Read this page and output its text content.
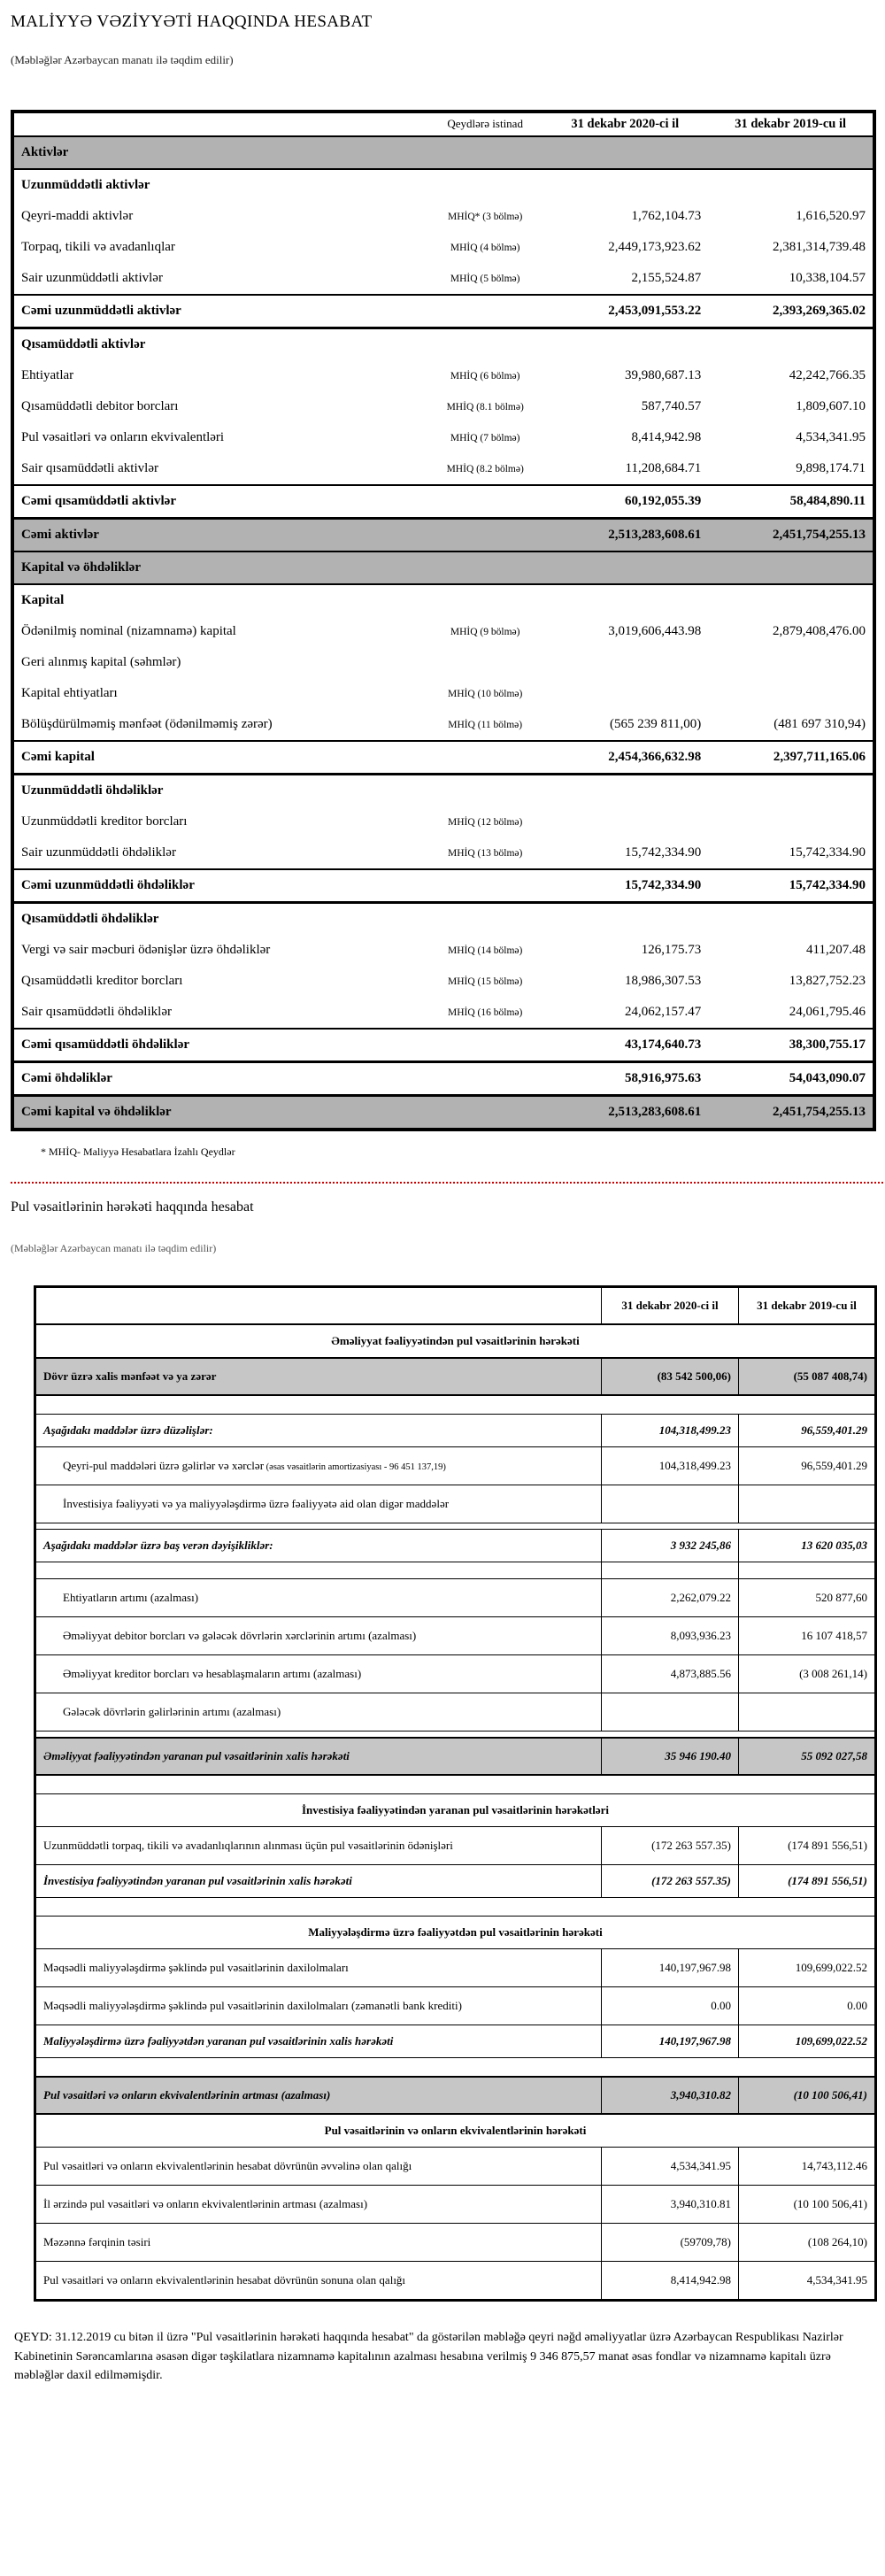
MALİYYƏ VƏZİYYƏTİ HAQQINDA HESABAT

(Məbləğlər Azərbaycan manatı ilə təqdim edilir)

	Qeydlərə istinad	31 dekabr 2020-ci il	31 dekabr 2019-cu il
Aktivlər			
Uzunmüddətli aktivlər			
Qeyri-maddi aktivlər	MHİQ* (3 bölmə)	1,762,104.73	1,616,520.97
Torpaq, tikili və avadanlıqlar	MHİQ (4 bölmə)	2,449,173,923.62	2,381,314,739.48
Sair uzunmüddətli aktivlər	MHİQ (5 bölmə)	2,155,524.87	10,338,104.57
Cəmi uzunmüddətli aktivlər		2,453,091,553.22	2,393,269,365.02
Qısamüddətli aktivlər			
Ehtiyatlar	MHİQ (6 bölmə)	39,980,687.13	42,242,766.35
Qısamüddətli debitor borcları	MHİQ (8.1 bölmə)	587,740.57	1,809,607.10
Pul vəsaitləri və onların ekvivalentləri	MHİQ (7 bölmə)	8,414,942.98	4,534,341.95
Sair qısamüddətli aktivlər	MHİQ (8.2 bölmə)	11,208,684.71	9,898,174.71
Cəmi qısamüddətli aktivlər		60,192,055.39	58,484,890.11
Cəmi aktivlər		2,513,283,608.61	2,451,754,255.13
Kapital və öhdəliklər			
Kapital			
Ödənilmiş nominal (nizamnamə) kapital	MHİQ (9 bölmə)	3,019,606,443.98	2,879,408,476.00
Geri alınmış kapital (səhmlər)			
Kapital ehtiyatları	MHİQ (10 bölmə)		
Bölüşdürülməmiş mənfəət (ödənilməmiş zərər)	MHİQ (11 bölmə)	(565 239 811,00)	(481 697 310,94)
Cəmi kapital		2,454,366,632.98	2,397,711,165.06
Uzunmüddətli öhdəliklər			
Uzunmüddətli kreditor borcları	MHİQ (12 bölmə)		
Sair uzunmüddətli öhdəliklər	MHİQ (13 bölmə)	15,742,334.90	15,742,334.90
Cəmi uzunmüddətli öhdəliklər		15,742,334.90	15,742,334.90
Qısamüddətli öhdəliklər			
Vergi və sair məcburi ödənişlər üzrə öhdəliklər	MHİQ (14 bölmə)	126,175.73	411,207.48
Qısamüddətli kreditor borcları	MHİQ (15 bölmə)	18,986,307.53	13,827,752.23
Sair qısamüddətli öhdəliklər	MHİQ (16 bölmə)	24,062,157.47	24,061,795.46
Cəmi qısamüddətli öhdəliklər		43,174,640.73	38,300,755.17
Cəmi öhdəliklər		58,916,975.63	54,043,090.07
Cəmi kapital və öhdəliklər		2,513,283,608.61	2,451,754,255.13

* MHİQ- Maliyyə Hesabatlara İzahlı Qeydlər

Pul vəsaitlərinin hərəkəti haqqında hesabat

(Məbləğlər Azərbaycan manatı ilə təqdim edilir)

	31 dekabr 2020-ci il	31 dekabr 2019-cu il
Əməliyyat fəaliyyətindən pul vəsaitlərinin hərəkəti		
Dövr üzrə xalis mənfəət və ya zərər	(83 542 500,06)	(55 087 408,74)

Aşağıdakı maddələr üzrə düzəlişlər:	104,318,499.23	96,559,401.29
Qeyri-pul maddələri üzrə gəlirlər və xərclər (əsas vəsaitlərin amortizasiyası - 96 451 137,19)	104,318,499.23	96,559,401.29
İnvestisiya fəaliyyəti və ya maliyyələşdirmə üzrə fəaliyyətə aid olan digər maddələr		

Aşağıdakı maddələr üzrə baş verən dəyişikliklər:	3 932 245,86	13 620 035,03

Ehtiyatların artımı (azalması)	2,262,079.22	520 877,60
Əməliyyat debitor borcları və gələcək dövrlərin xərclərinin artımı (azalması)	8,093,936.23	16 107 418,57
Əməliyyat kreditor borcları və hesablaşmaların artımı (azalması)	4,873,885.56	(3 008 261,14)
Gələcək dövrlərin gəlirlərinin artımı (azalması)		

Əməliyyat fəaliyyətindən yaranan pul vəsaitlərinin xalis hərəkəti	35 946 190.40	55 092 027,58

İnvestisiya fəaliyyətindən yaranan pul vəsaitlərinin hərəkətləri		
Uzunmüddətli torpaq, tikili və avadanlıqlarının alınması üçün pul vəsaitlərinin ödənişləri	(172 263 557.35)	(174 891 556,51)
İnvestisiya fəaliyyətindən yaranan pul vəsaitlərinin xalis hərəkəti	(172 263 557.35)	(174 891 556,51)

Maliyyələşdirmə üzrə fəaliyyətdən pul vəsaitlərinin hərəkəti		
Məqsədli maliyyələşdirmə şəklində pul vəsaitlərinin daxilolmaları	140,197,967.98	109,699,022.52
Məqsədli maliyyələşdirmə şəklində pul vəsaitlərinin daxilolmaları (zəmanətli bank krediti)	0.00	0.00
Maliyyələşdirmə üzrə fəaliyyətdən yaranan pul vəsaitlərinin xalis hərəkəti	140,197,967.98	109,699,022.52

Pul vəsaitləri və onların ekvivalentlərinin artması (azalması)	3,940,310.82	(10 100 506,41)
Pul vəsaitlərinin və onların ekvivalentlərinin hərəkəti		
Pul vəsaitləri və onların ekvivalentlərinin hesabat dövrünün əvvəlinə olan qalığı	4,534,341.95	14,743,112.46
İl ərzində pul vəsaitləri və onların ekvivalentlərinin artması (azalması)	3,940,310.81	(10 100 506,41)
Məzənnə fərqinin təsiri	(59709,78)	(108 264,10)
Pul vəsaitləri və onların ekvivalentlərinin hesabat dövrünün sonuna olan qalığı	8,414,942.98	4,534,341.95

QEYD: 31.12.2019 cu bitən il üzrə "Pul vəsaitlərinin hərəkəti haqqında hesabat" da göstərilən məbləğə qeyri nəğd əməliyyatlar üzrə Azərbaycan Respublikası Nazirlər Kabinetinin Sərəncamlarına əsasən digər təşkilatlara nizamnamə kapitalının azalması hesabına verilmiş 9 346 875,57 manat əsas fondlar və nizamnamə kapitalı üzrə məbləğlər daxil edilməmişdir.
